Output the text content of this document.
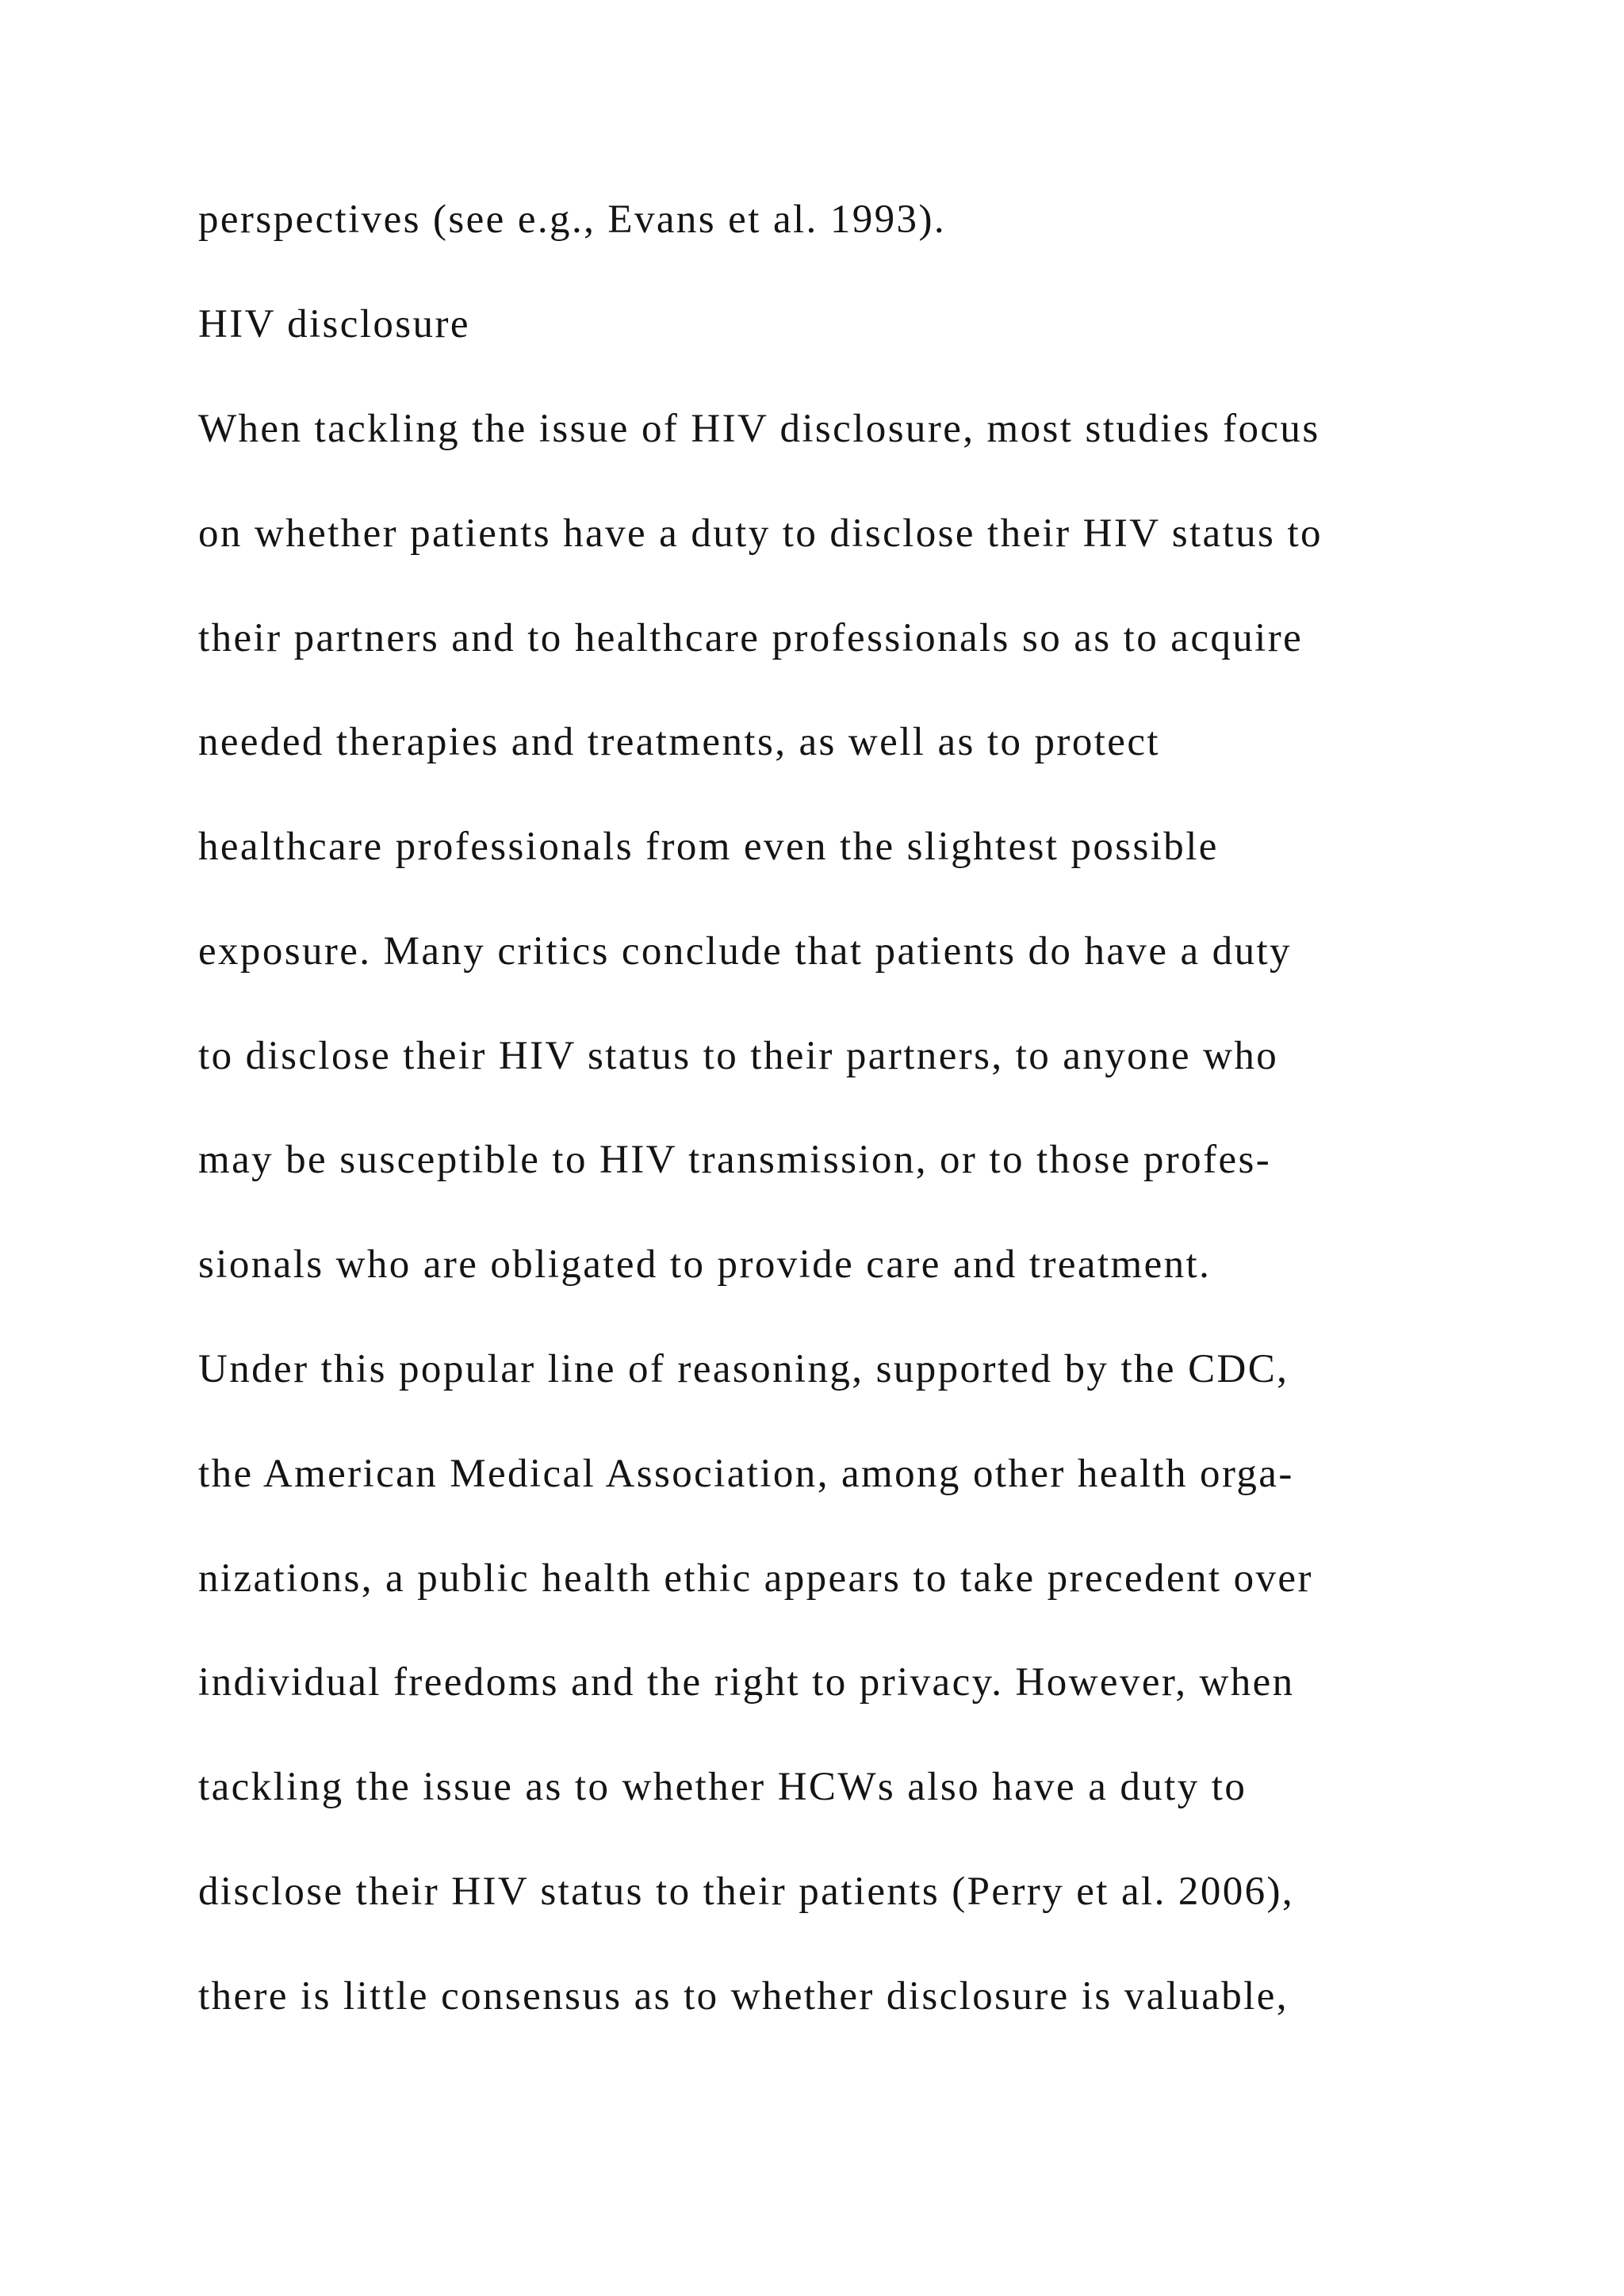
perspectives (see e.g., Evans et al. 1993).
HIV disclosure
When tackling the issue of HIV disclosure, most studies focus
on whether patients have a duty to disclose their HIV status to
their partners and to healthcare professionals so as to acquire
needed therapies and treatments, as well as to protect
healthcare professionals from even the slightest possible
exposure. Many critics conclude that patients do have a duty
to disclose their HIV status to their partners, to anyone who
may be susceptible to HIV transmission, or to those profes-
sionals who are obligated to provide care and treatment.
Under this popular line of reasoning, supported by the CDC,
the American Medical Association, among other health orga-
nizations, a public health ethic appears to take precedent over
individual freedoms and the right to privacy. However, when
tackling the issue as to whether HCWs also have a duty to
disclose their HIV status to their patients (Perry et al. 2006),
there is little consensus as to whether disclosure is valuable,
